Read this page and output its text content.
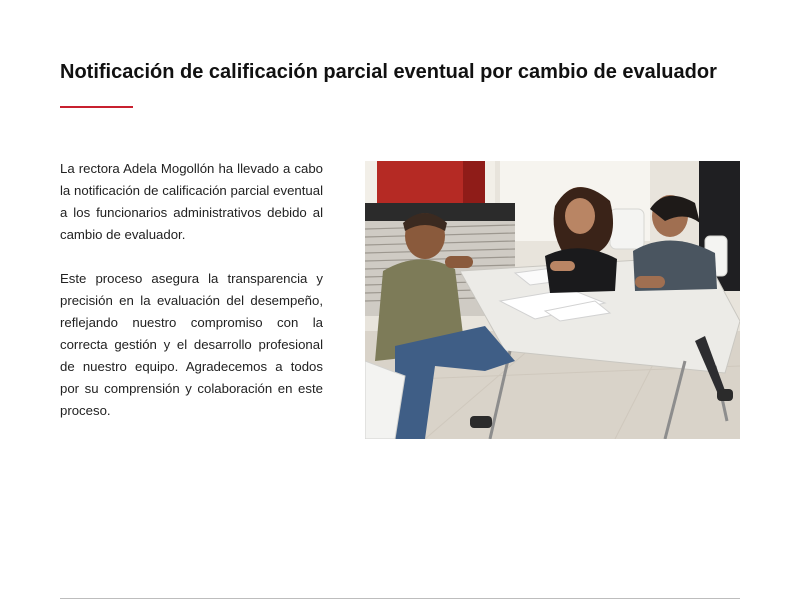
Notificación de calificación parcial eventual por cambio de evaluador

La rectora Adela Mogollón ha llevado a cabo la notificación de calificación parcial eventual a los funcionarios administrativos debido al cambio de evaluador.

Este proceso asegura la transparencia y precisión en la evaluación del desempeño, reflejando nuestro compromiso con la correcta gestión y el desarrollo profesional de nuestro equipo. Agradecemos a todos por su comprensión y colaboración en este proceso.
